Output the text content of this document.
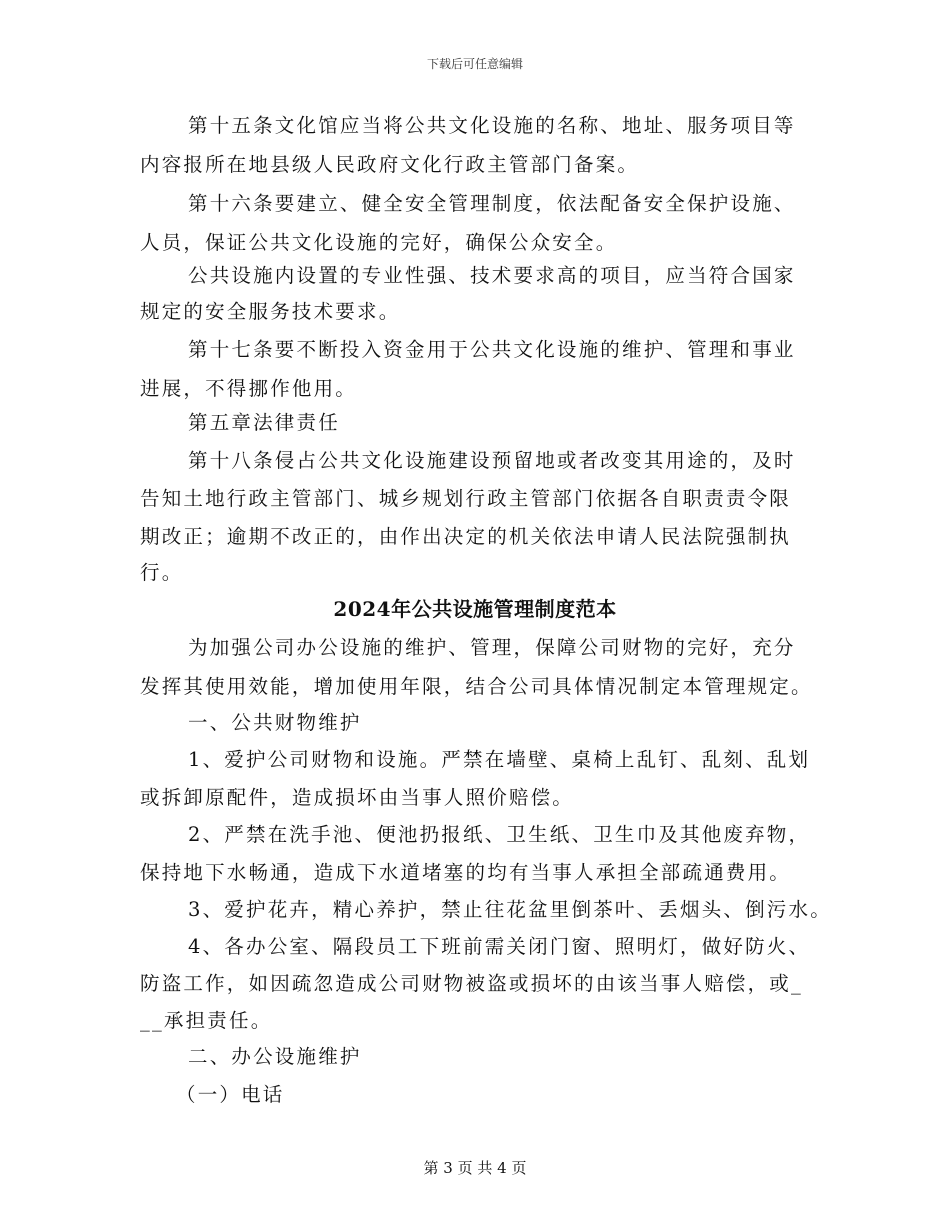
下载后可任意编辑
第十五条文化馆应当将公共文化设施的名称、地址、服务项目等
内容报所在地县级人民政府文化行政主管部门备案。
第十六条要建立、健全安全管理制度，依法配备安全保护设施、
人员，保证公共文化设施的完好，确保公众安全。
公共设施内设置的专业性强、技术要求高的项目，应当符合国家
规定的安全服务技术要求。
第十七条要不断投入资金用于公共文化设施的维护、管理和事业
进展，不得挪作他用。
第五章法律责任
第十八条侵占公共文化设施建设预留地或者改变其用途的，及时
告知土地行政主管部门、城乡规划行政主管部门依据各自职责责令限
期改正；逾期不改正的，由作出决定的机关依法申请人民法院强制执
行。
2024年公共设施管理制度范本
为加强公司办公设施的维护、管理，保障公司财物的完好，充分
发挥其使用效能，增加使用年限，结合公司具体情况制定本管理规定。
一、公共财物维护
1、爱护公司财物和设施。严禁在墙壁、桌椅上乱钉、乱刻、乱划
或拆卸原配件，造成损坏由当事人照价赔偿。
2、严禁在洗手池、便池扔报纸、卫生纸、卫生巾及其他废弃物，
保持地下水畅通，造成下水道堵塞的均有当事人承担全部疏通费用。
3、爱护花卉，精心养护，禁止往花盆里倒茶叶、丢烟头、倒污水。
4、各办公室、隔段员工下班前需关闭门窗、照明灯，做好防火、
防盗工作，如因疏忽造成公司财物被盗或损坏的由该当事人赔偿，或_
__承担责任。
二、办公设施维护
（一）电话
第 3 页 共 4 页
